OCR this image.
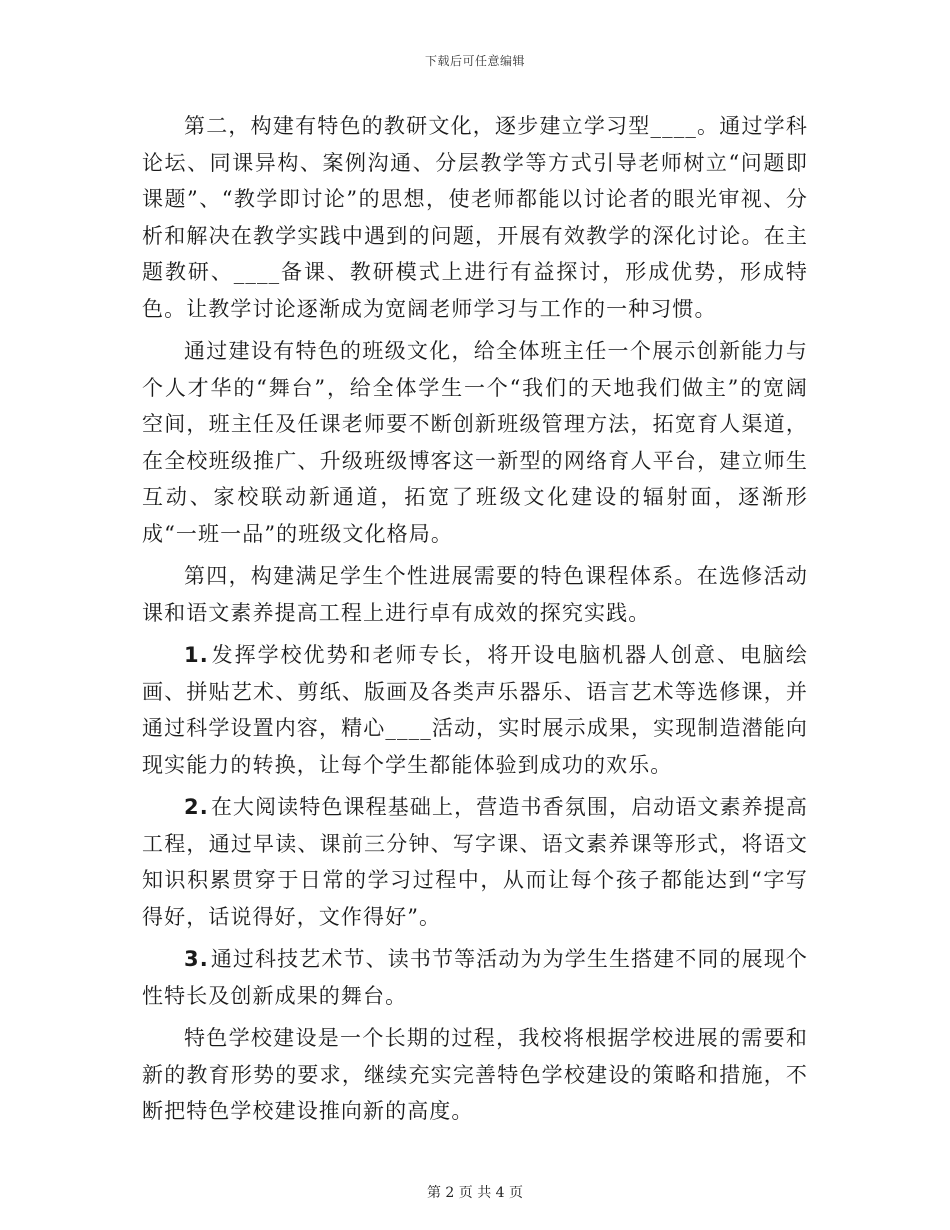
下载后可任意编辑

第二，构建有特色的教研文化，逐步建立学习型____。通过学科论坛、同课异构、案例沟通、分层教学等方式引导老师树立“问题即课题”、“教学即讨论”的思想，使老师都能以讨论者的眼光审视、分析和解决在教学实践中遇到的问题，开展有效教学的深化讨论。在主题教研、____备课、教研模式上进行有益探讨，形成优势，形成特色。让教学讨论逐渐成为宽阔老师学习与工作的一种习惯。

通过建设有特色的班级文化，给全体班主任一个展示创新能力与个人才华的“舞台”，给全体学生一个“我们的天地我们做主”的宽阔空间，班主任及任课老师要不断创新班级管理方法，拓宽育人渠道，在全校班级推广、升级班级博客这一新型的网络育人平台，建立师生互动、家校联动新通道，拓宽了班级文化建设的辐射面，逐渐形成“一班一品”的班级文化格局。

第四，构建满足学生个性进展需要的特色课程体系。在选修活动课和语文素养提高工程上进行卓有成效的探究实践。

1.发挥学校优势和老师专长，将开设电脑机器人创意、电脑绘画、拼贴艺术、剪纸、版画及各类声乐器乐、语言艺术等选修课，并通过科学设置内容，精心____活动，实时展示成果，实现制造潜能向现实能力的转换，让每个学生都能体验到成功的欢乐。

2.在大阅读特色课程基础上，营造书香氛围，启动语文素养提高工程，通过早读、课前三分钟、写字课、语文素养课等形式，将语文知识积累贯穿于日常的学习过程中，从而让每个孩子都能达到“字写得好，话说得好，文作得好”。

3.通过科技艺术节、读书节等活动为为学生生搭建不同的展现个性特长及创新成果的舞台。

特色学校建设是一个长期的过程，我校将根据学校进展的需要和新的教育形势的要求，继续充实完善特色学校建设的策略和措施，不断把特色学校建设推向新的高度。

第 2 页 共 4 页
